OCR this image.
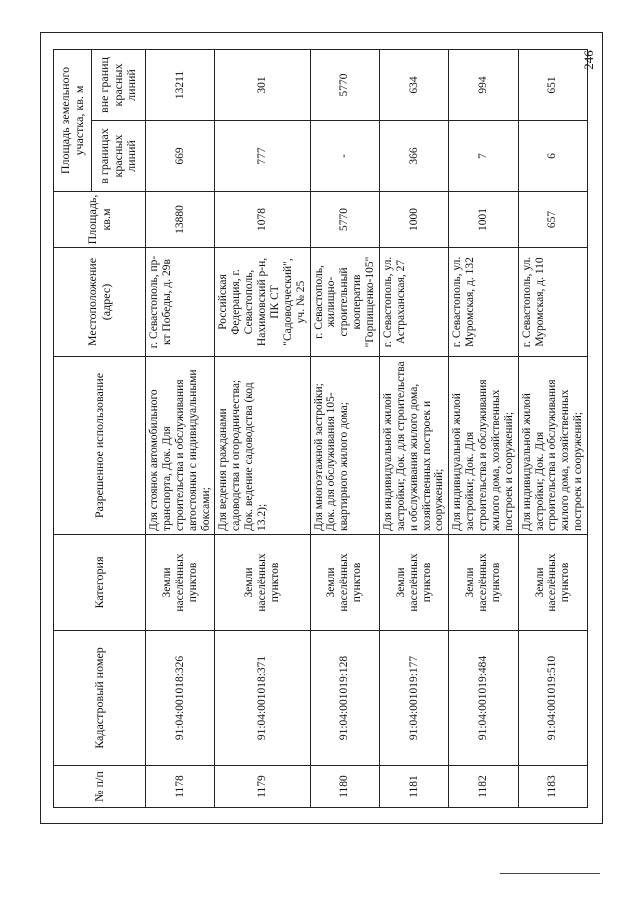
246
№ п/п	Кадастровый номер	Категория	Разрешенное использование	Местоположение (адрес)	Площадь, кв.м	Площадь земельного участка, кв. м	
						в границах красных линий	вне границ красных линий
1178	91:04:001018:326	Земли населённых пунктов	Для стоянок автомобильного транспорта, Док. Для строительства и обслуживания автостоянки с индивидуальными боксами;	г. Севастополь, пр-кт Победы, д. 29в	13880	669	13211
1179	91:04:001018:371	Земли населённых пунктов	Для ведения гражданами садоводства и огородничества; Док. ведение садоводства (код 13.2);	Российская Федерация, г. Севастополь, Нахимовский р-н, ПК СТ "Садоводческий", уч. № 25	1078	777	301
1180	91:04:001019:128	Земли населённых пунктов	Для многоэтажной застройки; Док. для обслуживания 105-квартирного жилого дома;	г. Севастополь, жилищно-строительный кооператив "Горпищенко-105"	5770	-	5770
1181	91:04:001019:177	Земли населённых пунктов	Для индивидуальной жилой застройки; Док. для строительства и обслуживания жилого дома, хозяйственных построек и сооружений;	г. Севастополь, ул. Астраханская, 27	1000	366	634
1182	91:04:001019:484	Земли населённых пунктов	Для индивидуальной жилой застройки; Док. Для строительства и обслуживания жилого дома, хозяйственных построек и сооружений;	г. Севастополь, ул. Муромская, д. 132	1001	7	994
1183	91:04:001019:510	Земли населённых пунктов	Для индивидуальной жилой застройки; Док. Для строительства и обслуживания жилого дома, хозяйственных построек и сооружений;	г. Севастополь, ул. Муромская, д. 110	657	6	651
